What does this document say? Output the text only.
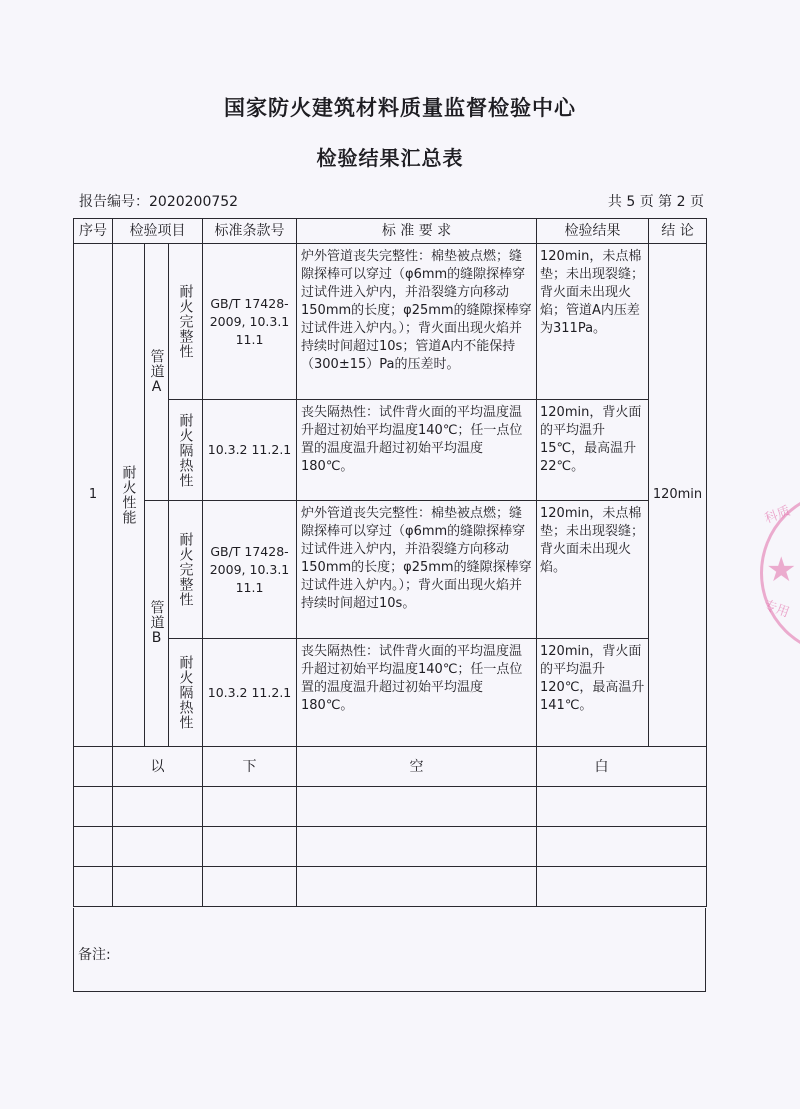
国家防火建筑材料质量监督检验中心
检验结果汇总表
报告编号：2020200752	共 5 页 第 2 页
序号	检验项目			标准条款号	标 准 要 求	检验结果	结 论
1	耐火性能	管道A	耐火完整性	GB/T 17428-2009, 10.3.1 11.1	炉外管道丧失完整性：棉垫被点燃；缝隙探棒可以穿过（φ6mm的缝隙探棒穿过试件进入炉内，并沿裂缝方向移动150mm的长度；φ25mm的缝隙探棒穿过试件进入炉内。）；背火面出现火焰并持续时间超过10s；管道A内不能保持（300±15）Pa的压差时。	120min，未点棉垫；未出现裂缝；背火面未出现火焰；管道A内压差为311Pa。	120min

			耐火隔热性	10.3.2 11.2.1	丧失隔热性：试件背火面的平均温度温升超过初始平均温度140℃；任一点位置的温度温升超过初始平均温度180℃。	120min，背火面的平均温升15℃，最高温升22℃。	

		管道B	耐火完整性	GB/T 17428-2009, 10.3.1 11.1	炉外管道丧失完整性：棉垫被点燃；缝隙探棒可以穿过（φ6mm的缝隙探棒穿过试件进入炉内，并沿裂缝方向移动150mm的长度；φ25mm的缝隙探棒穿过试件进入炉内。）；背火面出现火焰并持续时间超过10s。	120min，未点棉垫；未出现裂缝；背火面未出现火焰。	

			耐火隔热性	10.3.2 11.2.1	丧失隔热性：试件背火面的平均温度温升超过初始平均温度140℃；任一点位置的温度温升超过初始平均温度180℃。	120min，背火面的平均温升120℃，最高温升141℃。	
	以			下	空	白	

备注:
科质
★
专用
